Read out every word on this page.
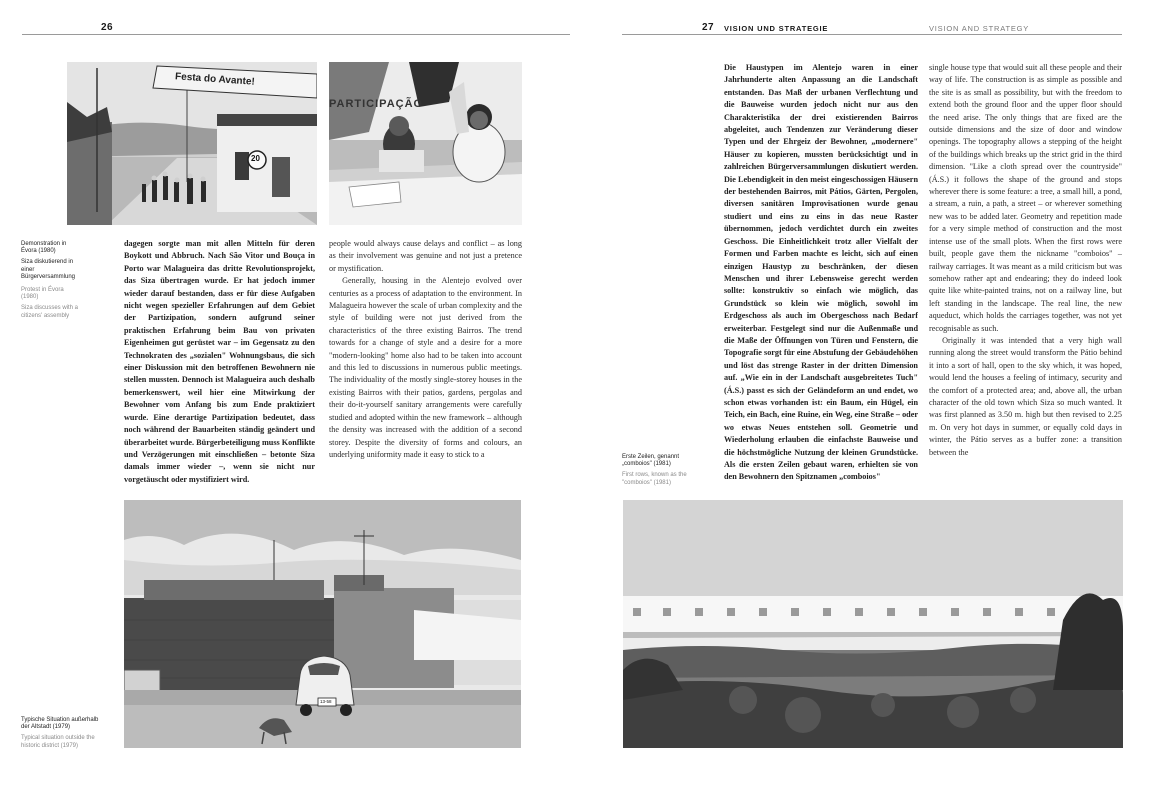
26
Festa do Avante!
20
PARTICIPAÇÃO
Demonstration in Évora (1980)
Siza diskutierend in einer Bürgerversammlung
Protest in Évora (1980)
Siza discusses with a citizens' assembly

dagegen sorgte man mit allen Mitteln für deren Boykott und Abbruch. Nach São Vitor und Bouça in Porto war Malagueira das dritte Revolutionsprojekt, das Siza übertragen wurde. Er hat jedoch immer wieder darauf bestanden, dass er für diese Aufgaben nicht wegen spezieller Erfahrungen auf dem Gebiet der Partizipation, sondern aufgrund seiner praktischen Erfahrung beim Bau von privaten Eigenheimen gut gerüstet war – im Gegensatz zu den Technokraten des „sozialen" Wohnungsbaus, die sich einer Diskussion mit den betroffenen Bewohnern nie stellen mussten. Dennoch ist Malagueira auch deshalb bemerkenswert, weil hier eine Mitwirkung der Bewohner vom Anfang bis zum Ende praktiziert wurde. Eine derartige Partizipation bedeutet, dass noch während der Bauarbeiten ständig geändert und überarbeitet wurde. Bürgerbeteiligung muss Konflikte und Verzögerungen mit einschließen – betonte Siza damals immer wieder –, wenn sie nicht nur vorgetäuscht oder mystifiziert wird.

people would always cause delays and conflict – as long as their involvement was genuine and not just a pretence or mystification.

Generally, housing in the Alentejo evolved over centuries as a process of adaptation to the environment. In Malagueira however the scale of urban complexity and the style of building were not just derived from the characteristics of the three existing Bairros. The trend towards for a change of style and a desire for a more "modern-looking" home also had to be taken into account and this led to discussions in numerous public meetings. The individuality of the mostly single-storey houses in the existing Bairros with their patios, gardens, pergolas and their do-it-yourself sanitary arrangements were carefully studied and adopted within the new framework – although the density was increased with the addition of a second storey. Despite the diversity of forms and colours, an underlying uniformity made it easy to stick to a

13-58
Typische Situation außerhalb der Altstadt (1979)
Typical situation outside the historic district (1979)
27 VISION UND STRATEGIE	VISION AND STRATEGY

Die Haustypen im Alentejo waren in einer Jahrhunderte alten Anpassung an die Landschaft entstanden. Das Maß der urbanen Verflechtung und die Bauweise wurden jedoch nicht nur aus den Charakteristika der drei existierenden Bairros abgeleitet, auch Tendenzen zur Veränderung dieser Typen und der Ehrgeiz der Bewohner, „modernere" Häuser zu kopieren, mussten berücksichtigt und in zahlreichen Bürgerversammlungen diskutiert werden. Die Lebendigkeit in den meist eingeschossigen Häusern der bestehenden Bairros, mit Pátios, Gärten, Pergolen, diversen sanitären Improvisationen wurde genau studiert und eins zu eins in das neue Raster übernommen, jedoch verdichtet durch ein zweites Geschoss. Die Einheitlichkeit trotz aller Vielfalt der Formen und Farben machte es leicht, sich auf einen einzigen Haustyp zu beschränken, der diesen Menschen und ihrer Lebensweise gerecht werden sollte: konstruktiv so einfach wie möglich, das Grundstück so klein wie möglich, sowohl im Erdgeschoss als auch im Obergeschoss nach Bedarf erweiterbar. Festgelegt sind nur die Außenmaße und die Maße der Öffnungen von Türen und Fenstern, die Topografie sorgt für eine Abstufung der Gebäudehöhen und löst das strenge Raster in der dritten Dimension auf. „Wie ein in der Landschaft ausgebreitetes Tuch" (Á.S.) passt es sich der Geländeform an und endet, wo schon etwas vorhanden ist: ein Baum, ein Hügel, ein Teich, ein Bach, eine Ruine, ein Weg, eine Straße – oder wo etwas Neues entstehen soll. Geometrie und Wiederholung erlauben die einfachste Bauweise und die höchstmögliche Nutzung der kleinen Grundstücke. Als die ersten Zeilen gebaut waren, erhielten sie von den Bewohnern den Spitznamen „comboios"

single house type that would suit all these people and their way of life. The construction is as simple as possible and the site is as small as possibility, but with the freedom to extend both the ground floor and the upper floor should the need arise. The only things that are fixed are the outside dimensions and the size of door and window openings. The topography allows a stepping of the height of the buildings which breaks up the strict grid in the third dimension. "Like a cloth spread over the countryside" (Á.S.) it follows the shape of the ground and stops wherever there is some feature: a tree, a small hill, a pond, a stream, a ruin, a path, a street – or wherever something new was to be added later. Geometry and repetition made for a very simple method of construction and the most intense use of the small plots. When the first rows were built, people gave them the nickname "comboios" – railway carriages. It was meant as a mild criticism but was somehow rather apt and endearing; they do indeed look quite like white-painted trains, not on a railway line, but left standing in the landscape. The real line, the new aqueduct, which holds the carriages together, was not yet recognisable as such.

Originally it was intended that a very high wall running along the street would transform the Pátio behind it into a sort of hall, open to the sky which, it was hoped, would lend the houses a feeling of intimacy, security and the comfort of a protected area; and, above all, the urban character of the old town which Siza so much wanted. It was first planned as 3.50 m. high but then revised to 2.25 m. On very hot days in summer, or equally cold days in winter, the Pátio serves as a buffer zone: a transition between the

Erste Zeilen, genannt „comboios" (1981)
First rows, known as the "comboios" (1981)
